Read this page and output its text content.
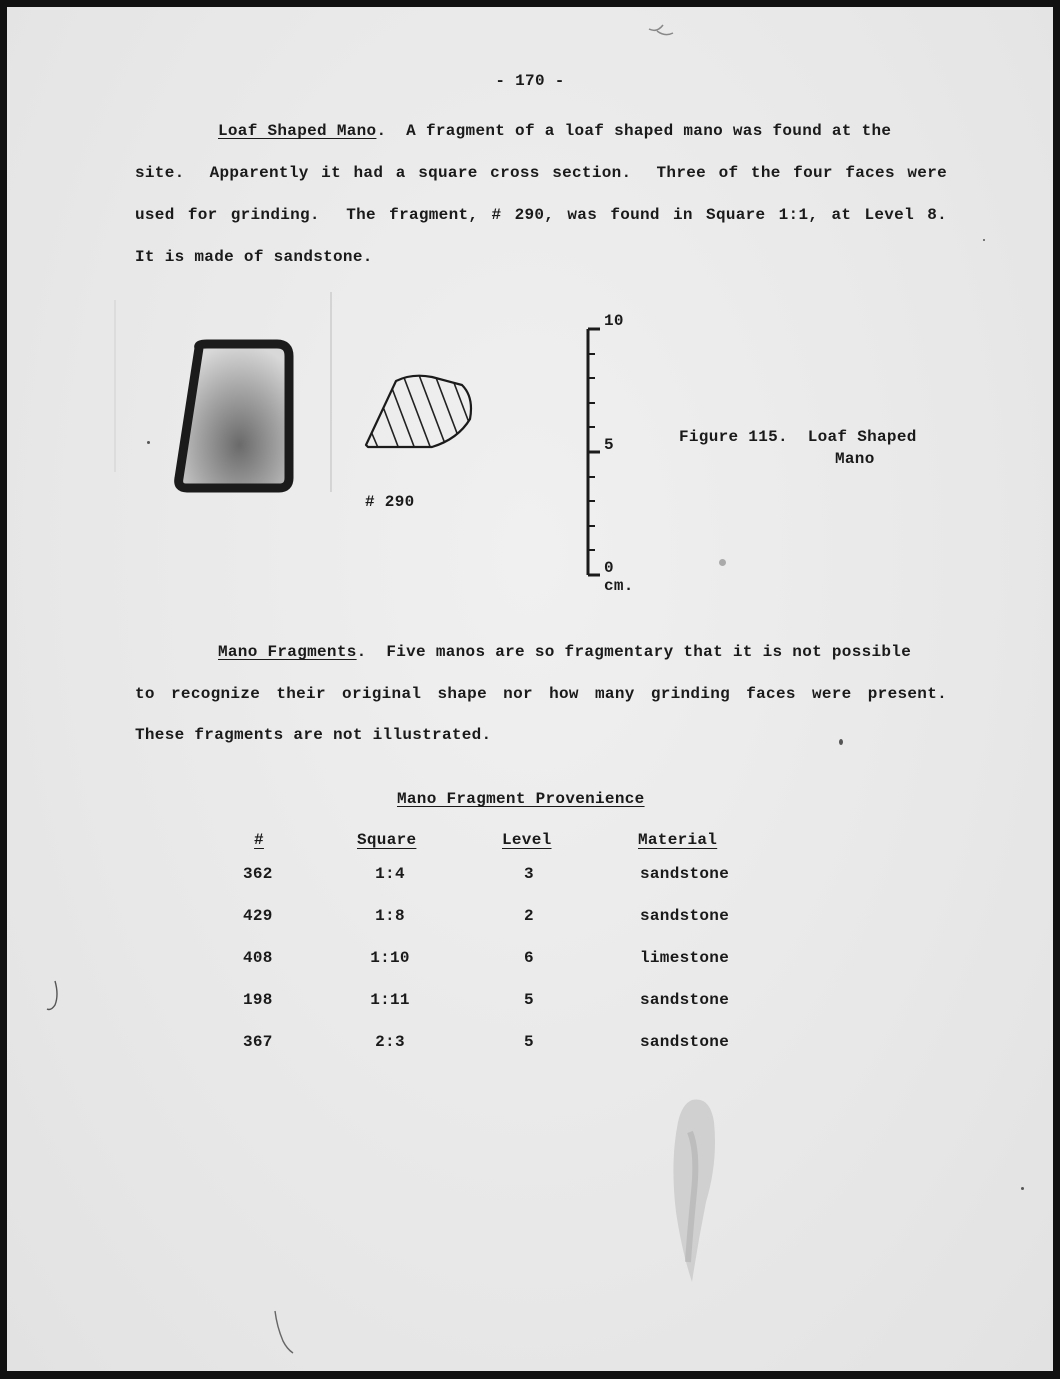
- 170 -
Loaf Shaped Mano.  A fragment of a loaf shaped mano was found at the
site.  Apparently it had a square cross section.  Three of the four faces were
used for grinding.  The fragment, # 290, was found in Square 1:1, at Level 8.
It is made of sandstone.
# 290
10
5
0
cm.
Figure 115.  Loaf Shaped
Mano
Mano Fragments.  Five manos are so fragmentary that it is not possible
to recognize their original shape nor how many grinding faces were present.
These fragments are not illustrated.
Mano Fragment Provenience
#	Square	Level	Material
362	1:4	3	sandstone
429	1:8	2	sandstone
408	1:10	6	limestone
198	1:11	5	sandstone
367	2:3	5	sandstone
